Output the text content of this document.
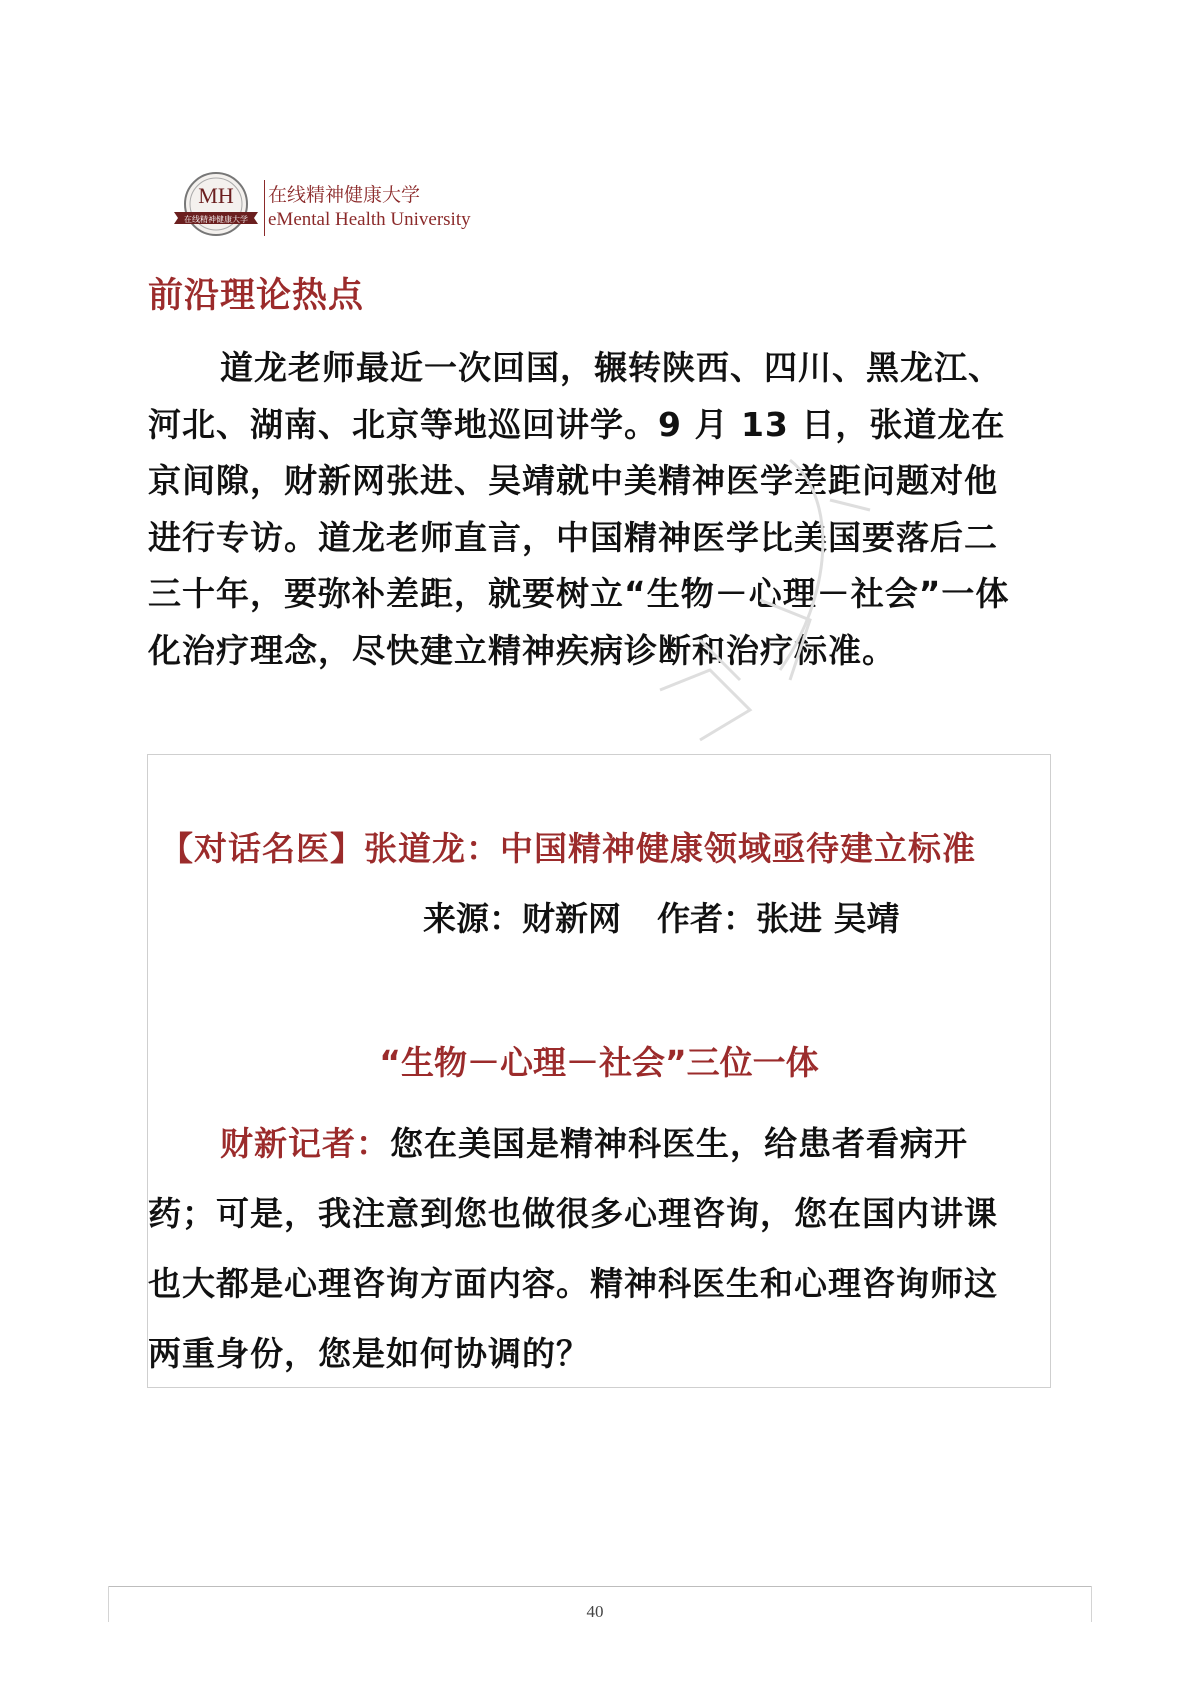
MH
在线精神健康大学
在线精神健康大学
eMental Health University
前沿理论热点
道龙老师最近一次回国，辗转陕西、四川、黑龙江、河北、湖南、北京等地巡回讲学。9 月 13 日，张道龙在京间隙，财新网张进、吴靖就中美精神医学差距问题对他进行专访。道龙老师直言，中国精神医学比美国要落后二三十年，要弥补差距，就要树立“生物－心理－社会”一体化治疗理念，尽快建立精神疾病诊断和治疗标准。
【对话名医】张道龙：中国精神健康领域亟待建立标准
来源：财新网 作者：张进 吴靖
“生物－心理－社会”三位一体
财新记者：您在美国是精神科医生，给患者看病开药；可是，我注意到您也做很多心理咨询，您在国内讲课也大都是心理咨询方面内容。精神科医生和心理咨询师这两重身份，您是如何协调的？
40
